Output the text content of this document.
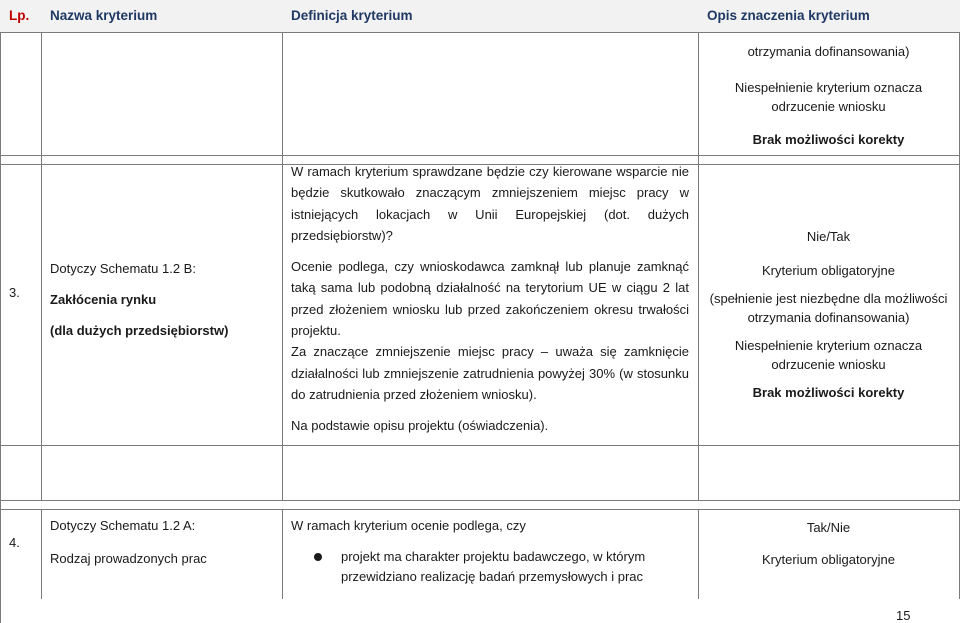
Lp. Nazwa kryterium	Definicja kryterium	Opis znaczenia kryterium

otrzymania dofinansowania)

Niespełnienie kryterium oznacza

odrzucenie wniosku

Brak możliwości korekty

3.

Dotyczy Schematu 1.2 B:

Zakłócenia rynku

(dla dużych przedsiębiorstw)

W ramach kryterium sprawdzane będzie czy kierowane wsparcie nie będzie skutkowało znaczącym zmniejszeniem miejsc pracy w istniejących lokacjach w Unii Europejskiej (dot. dużych przedsiębiorstw)?

Ocenie podlega, czy wnioskodawca zamknął lub planuje zamknąć taką sama lub podobną działalność na terytorium UE w ciągu 2 lat przed złożeniem wniosku lub przed zakończeniem okresu trwałości projektu.

Za znaczące zmniejszenie miejsc pracy – uważa się zamknięcie działalności lub zmniejszenie zatrudnienia powyżej 30% (w stosunku do zatrudnienia przed złożeniem wniosku).

Na podstawie opisu projektu (oświadczenia).

Nie/Tak

Kryterium obligatoryjne

(spełnienie jest niezbędne dla możliwości

otrzymania dofinansowania)

Niespełnienie kryterium oznacza

odrzucenie wniosku

Brak możliwości korekty

4.

Dotyczy Schematu 1.2 A:

Rodzaj prowadzonych prac

W ramach kryterium ocenie podlega, czy

projekt ma charakter projektu badawczego, w którym

przewidziano realizację badań przemysłowych i prac

Tak/Nie

Kryterium obligatoryjne

15
